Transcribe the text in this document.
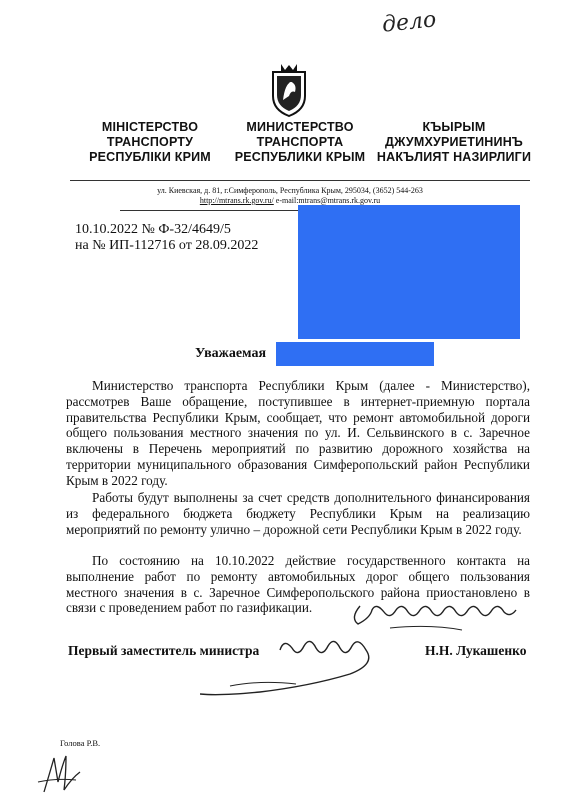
дело
МІНІСТЕРСТВО
ТРАНСПОРТУ
РЕСПУБЛІКИ КРИМ
МИНИСТЕРСТВО
ТРАНСПОРТА
РЕСПУБЛИКИ КРЫМ
КЪЫРЫМ
ДЖУМХУРИЕТИНИНЪ
НАКЪЛИЯТ НАЗИРЛИГИ
ул. Киевская, д. 81, г.Симферополь, Республика Крым, 295034, (3652) 544-263
http://mtrans.rk.gov.ru/ e-mail:mtrans@mtrans.rk.gov.ru
10.10.2022 № Ф-32/4649/5
на № ИП-112716 от 28.09.2022
Уважаемая
Министерство транспорта Республики Крым (далее - Министерство), рассмотрев Ваше обращение, поступившее в интернет-приемную портала правительства Республики Крым, сообщает, что ремонт автомобильной дороги общего пользования местного значения по ул. И. Сельвинского в с. Заречное включены в Перечень мероприятий по развитию дорожного хозяйства на территории муниципального образования Симферопольский район Республики Крым в 2022 году.
Работы будут выполнены за счет средств дополнительного финансирования из федерального бюджета бюджету Республики Крым на реализацию мероприятий по ремонту улично – дорожной сети Республики Крым в 2022 году.
По состоянию на 10.10.2022 действие государственного контакта на выполнение работ по ремонту автомобильных дорог общего пользования местного значения в с. Заречное Симферопольского района приостановлено в связи с проведением работ по газификации.
Первый заместитель министра	Н.Н. Лукашенко
Голова Р.В.
